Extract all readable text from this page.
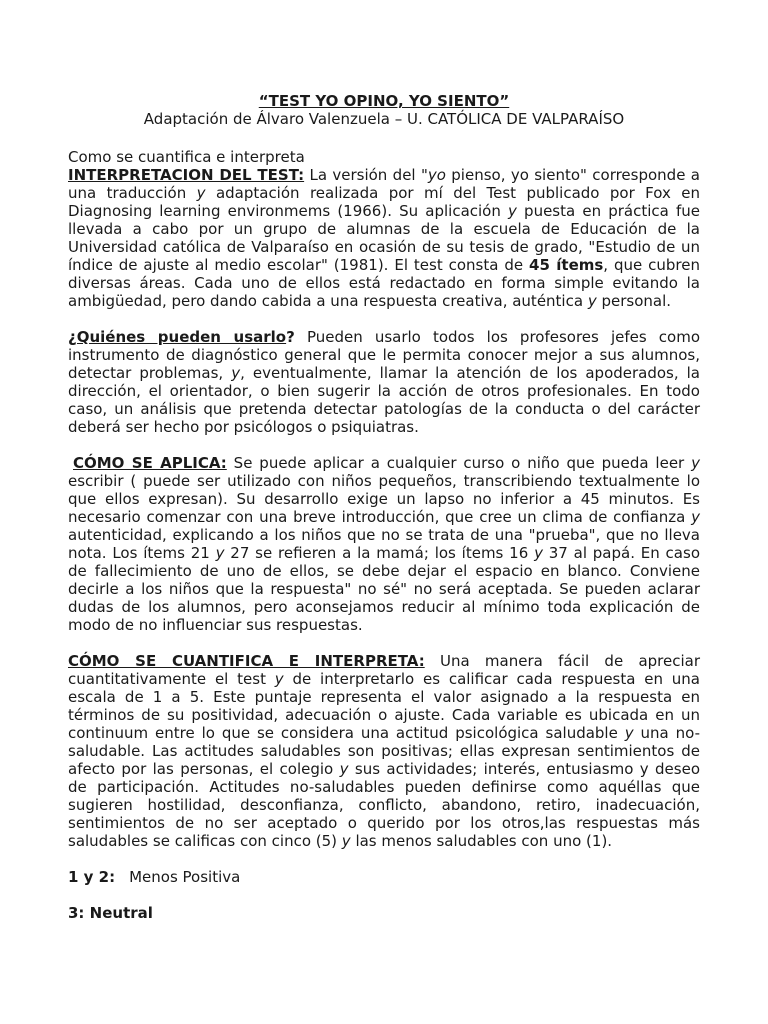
“TEST YO OPINO, YO SIENTO”

Adaptación de Álvaro Valenzuela – U. CATÓLICA DE VALPARAÍSO

Como se cuantifica e interpreta

INTERPRETACION DEL TEST: La versión del "yo pienso, yo siento" corresponde a una traducción y adaptación realizada por mí del Test publicado por Fox en Diagnosing learning environmems (1966). Su aplicación y puesta en práctica fue llevada a cabo por un grupo de alumnas de la escuela de Educación de la Universidad católica de Valparaíso en ocasión de su tesis de grado, "Estudio de un índice de ajuste al medio escolar" (1981). El test consta de 45 ítems, que cubren diversas áreas. Cada uno de ellos está redactado en forma simple evitando la ambigüedad, pero dando cabida a una respuesta creativa, auténtica y personal.

¿Quiénes pueden usarlo? Pueden usarlo todos los profesores jefes como instrumento de diagnóstico general que le permita conocer mejor a sus alumnos, detectar problemas, y, eventualmente, llamar la atención de los apoderados, la dirección, el orientador, o bien sugerir la acción de otros profesionales. En todo caso, un análisis que pretenda detectar patologías de la conducta o del carácter deberá ser hecho por psicólogos o psiquiatras.

CÓMO SE APLICA: Se puede aplicar a cualquier curso o niño que pueda leer y escribir ( puede ser utilizado con niños pequeños, transcribiendo textualmente lo que ellos expresan). Su desarrollo exige un lapso no inferior a 45 minutos. Es necesario comenzar con una breve introducción, que cree un clima de confianza y autenticidad, explicando a los niños que no se trata de una "prueba", que no lleva nota. Los ítems 21 y 27 se refieren a la mamá; los ítems 16 y 37 al papá. En caso de fallecimiento de uno de ellos, se debe dejar el espacio en blanco. Conviene decirle a los niños que la respuesta" no sé" no será aceptada. Se pueden aclarar dudas de los alumnos, pero aconsejamos reducir al mínimo toda explicación de modo de no influenciar sus respuestas.

CÓMO SE CUANTIFICA E INTERPRETA: Una manera fácil de apreciar cuantitativamente el test y de interpretarlo es calificar cada respuesta en una escala de 1 a 5. Este puntaje representa el valor asignado a la respuesta en términos de su positividad, adecuación o ajuste. Cada variable es ubicada en un continuum entre lo que se considera una actitud psicológica saludable y una no-saludable. Las actitudes saludables son positivas; ellas expresan sentimientos de afecto por las personas, el colegio y sus actividades; interés, entusiasmo y deseo de participación. Actitudes no-saludables pueden definirse como aquéllas que sugieren hostilidad, desconfianza, conflicto, abandono, retiro, inadecuación, sentimientos de no ser aceptado o querido por los otros,las respuestas más saludables se calificas con cinco (5) y las menos saludables con uno (1).

1 y 2: Menos Positiva

3: Neutral
